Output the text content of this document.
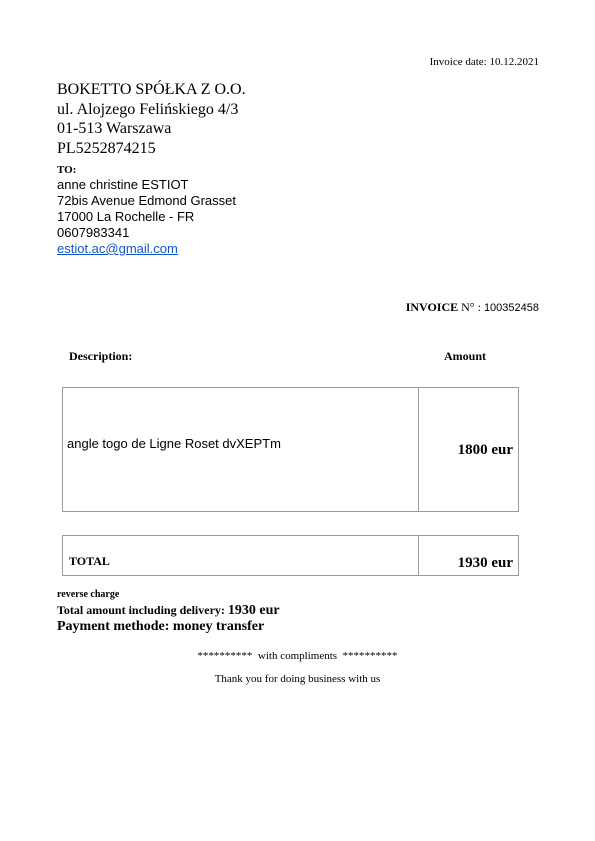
Invoice date: 10.12.2021
BOKETTO SPÓŁKA Z O.O.
ul. Alojzego Felińskiego 4/3
01-513 Warszawa
PL5252874215
TO:
anne christine ESTIOT
72bis Avenue Edmond Grasset
17000 La Rochelle - FR
0607983341
estiot.ac@gmail.com
INVOICE N° : 100352458
Description:	Amount
angle togo de Ligne Roset dvXEPTm	1800 eur
TOTAL	1930 eur
reverse charge
Total amount including delivery: 1930 eur
Payment methode: money transfer
**********  with compliments  **********
Thank you for doing business with us
